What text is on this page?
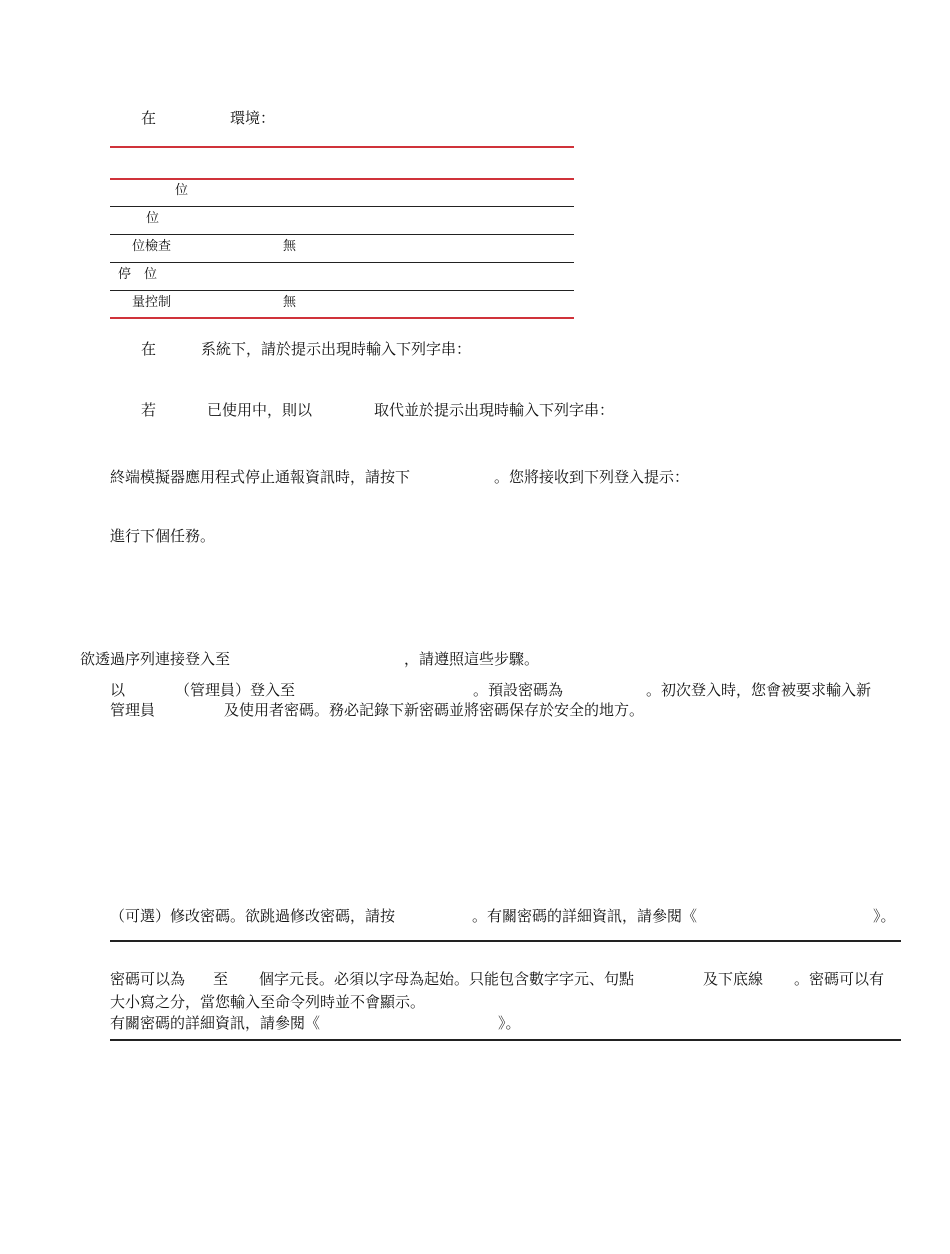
在	環境：
位
位
位檢查	無
停　位
量控制	無
在	系統下，請於提示出現時輸入下列字串：
若	已使用中，則以	取代並於提示出現時輸入下列字串：
終端模擬器應用程式停止通報資訊時，請按下	。您將接收到下列登入提示：
進行下個任務。
欲透過序列連接登入至	，請遵照這些步驟。
以	（管理員）登入至	。預設密碼為	。初次登入時，您會被要求輸入新
管理員	及使用者密碼。務必記錄下新密碼並將密碼保存於安全的地方。
（可選）修改密碼。欲跳過修改密碼，請按	。有關密碼的詳細資訊，請參閱《	》。
密碼可以為 至 個字元長。必須以字母為起始。只能包含數字字元、句點	及下底線 。密碼可以有
大小寫之分，當您輸入至命令列時並不會顯示。
有關密碼的詳細資訊，請參閱《	》。
